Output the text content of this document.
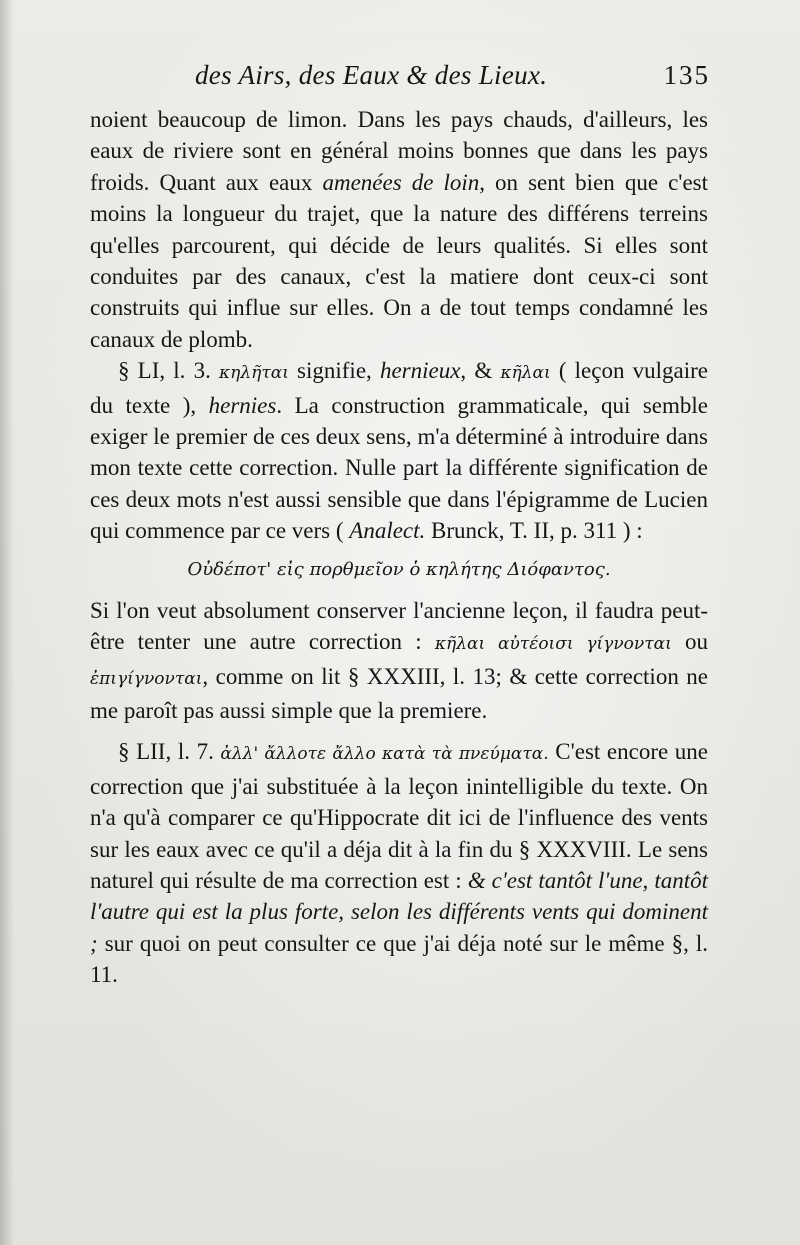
des Airs, des Eaux & des Lieux.	135

noient beaucoup de limon. Dans les pays chauds, d'ailleurs, les eaux de riviere sont en général moins bonnes que dans les pays froids. Quant aux eaux amenées de loin, on sent bien que c'est moins la longueur du trajet, que la nature des différens terreins qu'elles parcourent, qui décide de leurs qualités. Si elles sont conduites par des canaux, c'est la matiere dont ceux-ci sont construits qui influe sur elles. On a de tout temps condamné les canaux de plomb.

§ LI, l. 3. κηλῆται signifie, hernieux, & κῆλαι ( leçon vulgaire du texte ), hernies. La construction grammaticale, qui semble exiger le premier de ces deux sens, m'a déterminé à introduire dans mon texte cette correction. Nulle part la différente signification de ces deux mots n'est aussi sensible que dans l'épigramme de Lucien qui commence par ce vers ( Analect. Brunck, T. II, p. 311 ) :

Οὐδέποτ' εἰς πορθμεῖον ὁ κηλήτης Διόφαντος.

Si l'on veut absolument conserver l'ancienne leçon, il faudra peut-être tenter une autre correction : κῆλαι αὐτέοισι γίγνονται ou ἐπιγίγνονται, comme on lit § XXXIII, l. 13; & cette correction ne me paroît pas aussi simple que la premiere.

§ LII, l. 7. ἀλλ' ἄλλοτε ἄλλο κατὰ τὰ πνεύματα. C'est encore une correction que j'ai substituée à la leçon inintelligible du texte. On n'a qu'à comparer ce qu'Hippocrate dit ici de l'influence des vents sur les eaux avec ce qu'il a déja dit à la fin du § XXXVIII. Le sens naturel qui résulte de ma correction est : & c'est tantôt l'une, tantôt l'autre qui est la plus forte, selon les différents vents qui dominent ; sur quoi on peut consulter ce que j'ai déja noté sur le même §, l. 11.
